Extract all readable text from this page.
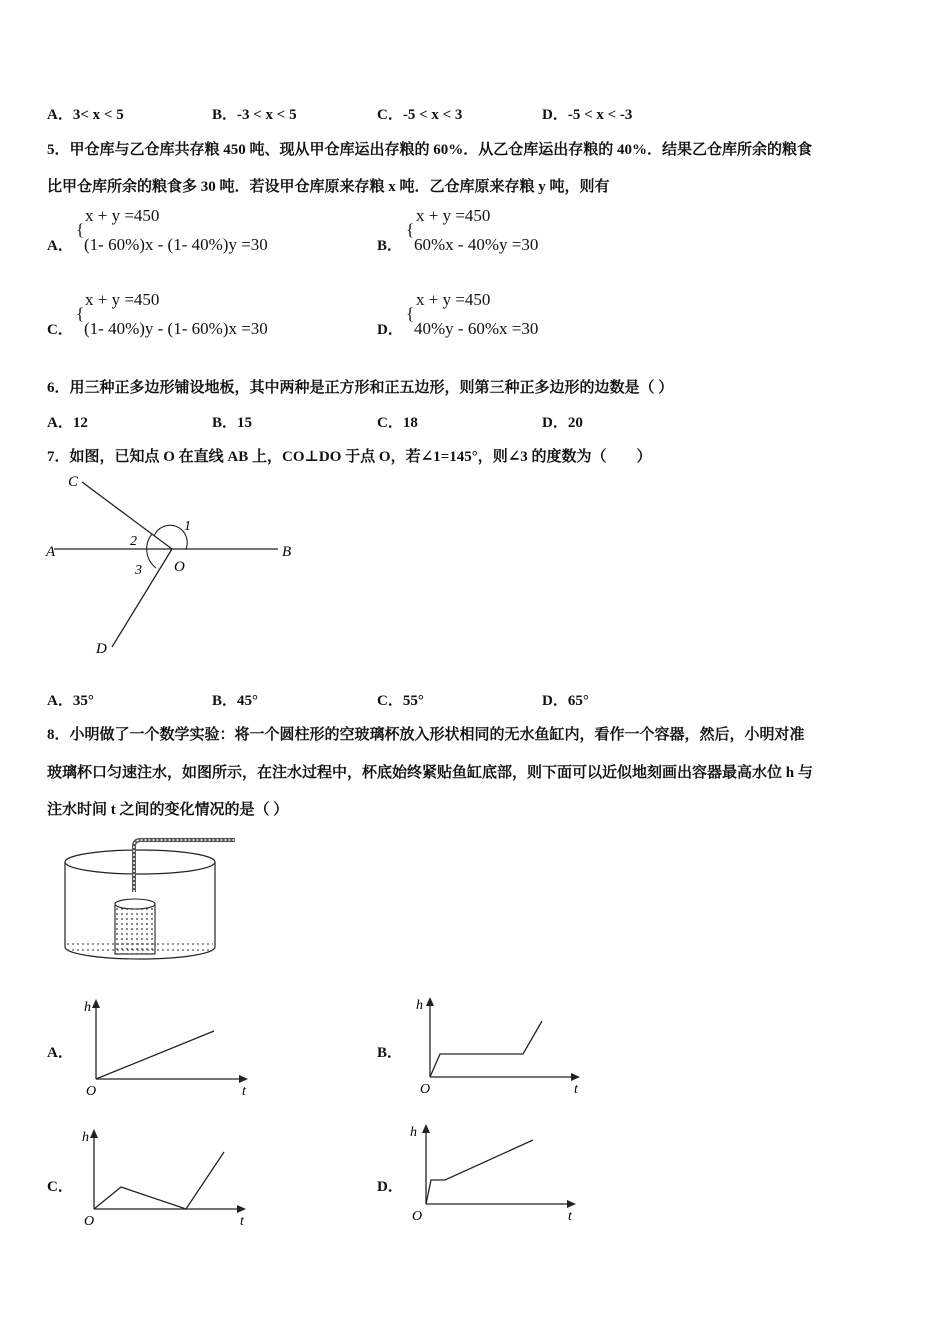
A．3< x < 5	B．-3 < x < 5	C．-5 < x < 3	D．-5 < x < -3
5．甲仓库与乙仓库共存粮 450 吨、现从甲仓库运出存粮的 60%．从乙仓库运出存粮的 40%．结果乙仓库所余的粮食
比甲仓库所余的粮食多 30 吨．若设甲仓库原来存粮 x 吨．乙仓库原来存粮 y 吨，则有
A．
{
x + y =450
(1- 60%)x - (1- 40%)y =30	B．
{
x + y =450
60%x - 40%y =30
C．
{
x + y =450
(1- 40%)y - (1- 60%)x =30	D．
{
x + y =450
40%y - 60%x =30
6．用三种正多边形铺设地板，其中两种是正方形和正五边形，则第三种正多边形的边数是（ ）
A．12	B．15	C．18	D．20
7．如图，已知点 O 在直线 AB 上，CO⊥DO 于点 O，若∠1=145°，则∠3 的度数为（　　）
C
A	B
O
D
1
2
3
A．35°	B．45°	C．55°	D．65°
8．小明做了一个数学实验：将一个圆柱形的空玻璃杯放入形状相同的无水鱼缸内，看作一个容器，然后，小明对准
玻璃杯口匀速注水，如图所示，在注水过程中，杯底始终紧贴鱼缸底部，则下面可以近似地刻画出容器最高水位 h 与
注水时间 t 之间的变化情况的是（ ）
A．
h
t
O
B．
h
t
O
C．
h
t
O
D．
h
t
O
